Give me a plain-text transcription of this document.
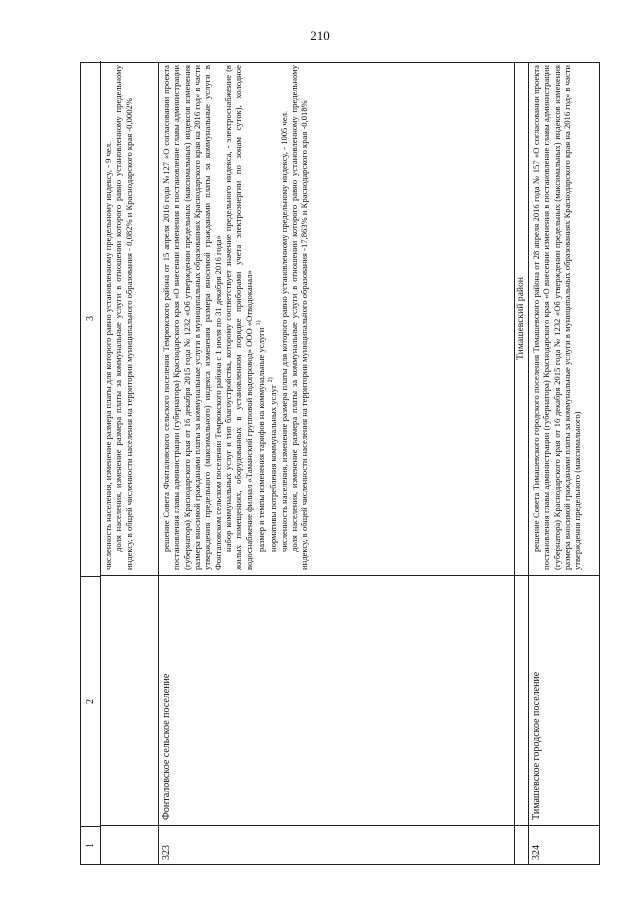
210
1
2
3 численность населения, изменение размера платы для которого равно установленному предельному индексу, - 9 чел. доля населения, изменение размера платы за коммунальные услуги в отношении которого равно установленному предельному индексу, в общей численности населения на территории муниципального образования - 0,082% и Краснодарского края -0,0002%

323
Фонталовское сельское поселение

решение Совета Фонталовского сельского поселения Темрюкского района от 15 апреля 2016 года №127 «О согласовании проекта постановления главы администрации (губернатора) Краснодарского края «О внесении изменения в постановление главы администрации (губернатора) Краснодарского края от 16 декабря 2015 года № 1232 «Об утверждении предельных (максимальных) индексов изменения размера вносимой гражданами платы за коммунальные услуги в муниципальных образованиях Краснодарского края на 2016 год» в части утверждения предельного (максимального) индекса изменения размера вносимой гражданами платы за коммунальные услуги в Фонталовском сельском поселении Темрюкского района с 1 июля по 31 декабря 2016 года» набор коммунальных услуг и тип благоустройства, которому соответствует значение предельного индекса, - электроснабжение (в жилых помещениях, оборудованных в установленном порядке приборами учета электроэнергии по зонам суток), холодное водоснабжение филиал «Таманский групповой водопровод» ООО «Отводоканал» размер и темпы изменения тарифов на коммунальные услуги $^{1)}$

нормативы потребления коммунальных услуг $^{2)}$ численность населения, изменение размера платы для которого равно установленному предельному индексу, - 1005 чел. доля населения, изменение размера платы за коммунальные услуги в отношении которого равно установленному предельному индексу, в общей численности населения на территории муниципального образования -17,863% и Краснодарского края -0,018%	Тимашевский район
324
Тимашевское городское поселение

решение Совета Тимашевского городского поселения Тимашевского района от 28 апреля 2016 года № 157 «О согласовании проекта постановления главы администрации (губернатора) Краснодарского края «О внесении изменения в постановление главы администрации (губернатора) Краснодарского края от 16 декабря 2015 года № 1232 «Об утверждении предельных (максимальных) индексов изменения размера вносимой гражданами платы за коммунальные услуги в муниципальных образованиях Краснодарского края на 2016 год» в части утверждения предельного (максимального)
